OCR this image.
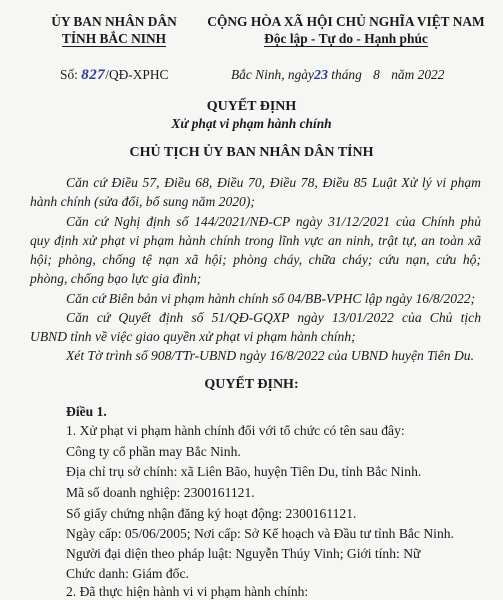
ỦY BAN NHÂN DÂN
TỈNH BẮC NINH
Số: 827/QĐ-XPHC
CỘNG HÒA XÃ HỘI CHỦ NGHĨA VIỆT NAM
Độc lập - Tự do - Hạnh phúc
Bắc Ninh, ngày23 tháng 8 năm 2022
QUYẾT ĐỊNH
Xử phạt vi phạm hành chính
CHỦ TỊCH ỦY BAN NHÂN DÂN TỈNH
Căn cứ Điều 57, Điều 68, Điều 70, Điều 78, Điều 85 Luật Xử lý vi phạm
hành chính (sửa đổi, bổ sung năm 2020);
Căn cứ Nghị định số 144/2021/NĐ-CP ngày 31/12/2021 của Chính phủ
quy định xử phạt vi phạm hành chính trong lĩnh vực an ninh, trật tự, an toàn xã
hội; phòng, chống tệ nạn xã hội; phòng cháy, chữa cháy; cứu nạn, cứu hộ;
phòng, chống bạo lực gia đình;
Căn cứ Biên bản vi phạm hành chính số 04/BB-VPHC lập ngày 16/8/2022;
Căn cứ Quyết định số 51/QĐ-GQXP ngày 13/01/2022 của Chủ tịch
UBND tỉnh về việc giao quyền xử phạt vi phạm hành chính;
Xét Tờ trình số 908/TTr-UBND ngày 16/8/2022 của UBND huyện Tiên Du.
QUYẾT ĐỊNH:
Điều 1.
1. Xử phạt vi phạm hành chính đối với tổ chức có tên sau đây:
Công ty cổ phần may Bắc Ninh.
Địa chỉ trụ sở chính: xã Liên Bão, huyện Tiên Du, tỉnh Bắc Ninh.
Mã số doanh nghiệp: 2300161121.
Số giấy chứng nhận đăng ký hoạt động: 2300161121.
Ngày cấp: 05/06/2005; Nơi cấp: Sở Kế hoạch và Đầu tư tỉnh Bắc Ninh.
Người đại diện theo pháp luật: Nguyễn Thúy Vinh; Giới tính: Nữ
Chức danh: Giám đốc.
2. Đã thực hiện hành vi vi phạm hành chính:
